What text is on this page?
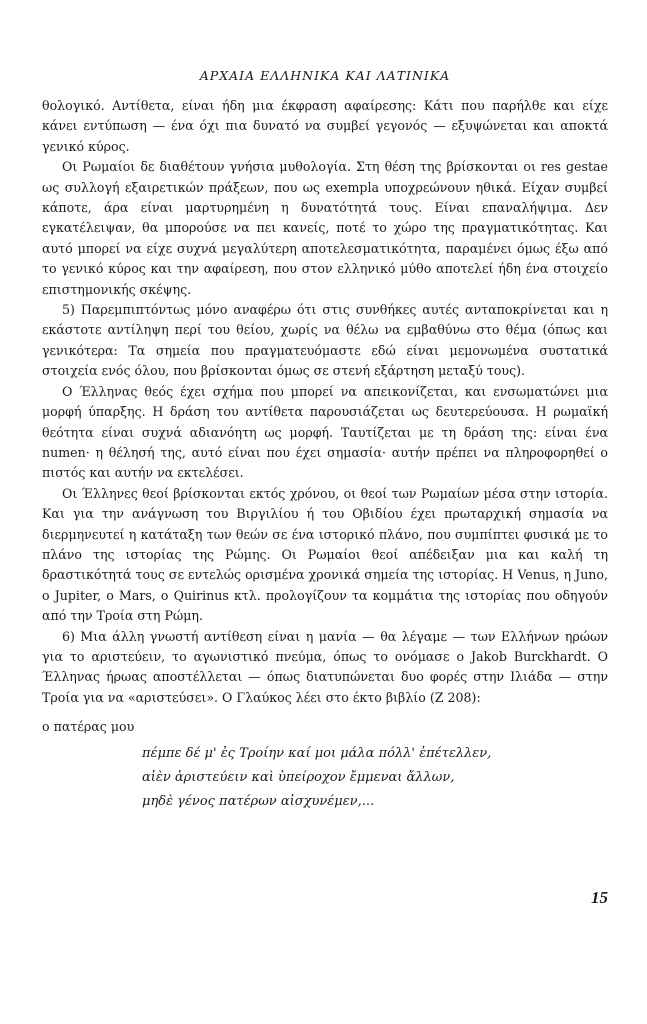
ΑΡΧΑΙΑ ΕΛΛΗΝΙΚΑ ΚΑΙ ΛΑΤΙΝΙΚΑ

θολογικό. Αντίθετα, είναι ήδη μια έκφραση αφαίρεσης: Κάτι που παρήλθε και είχε κάνει εντύπωση — ένα όχι πια δυνατό να συμβεί γεγονός — εξυψώνεται και αποκτά γενικό κύρος.

Οι Ρωμαίοι δε διαθέτουν γνήσια μυθολογία. Στη θέση της βρίσκονται οι res gestae ως συλλογή εξαιρετικών πράξεων, που ως exempla υποχρεώνουν ηθικά. Είχαν συμβεί κάποτε, άρα είναι μαρτυρημένη η δυνατότητά τους. Είναι επαναλήψιμα. Δεν εγκατέλειψαν, θα μπορούσε να πει κανείς, ποτέ το χώρο της πραγματικότητας. Και αυτό μπορεί να είχε συχνά μεγαλύτερη αποτελεσματικότητα, παραμένει όμως έξω από το γενικό κύρος και την αφαίρεση, που στον ελληνικό μύθο αποτελεί ήδη ένα στοιχείο επιστημονικής σκέψης.

5) Παρεμπιπτόντως μόνο αναφέρω ότι στις συνθήκες αυτές ανταποκρίνεται και η εκάστοτε αντίληψη περί του θείου, χωρίς να θέλω να εμβαθύνω στο θέμα (όπως και γενικότερα: Τα σημεία που πραγματευόμαστε εδώ είναι μεμονωμένα συστατικά στοιχεία ενός όλου, που βρίσκονται όμως σε στενή εξάρτηση μεταξύ τους).

Ο Έλληνας θεός έχει σχήμα που μπορεί να απεικονίζεται, και ενσωματώνει μια μορφή ύπαρξης. Η δράση του αντίθετα παρουσιάζεται ως δευτερεύουσα. Η ρωμαϊκή θεότητα είναι συχνά αδιανόητη ως μορφή. Ταυτίζεται με τη δράση της: είναι ένα numen· η θέλησή της, αυτό είναι που έχει σημασία· αυτήν πρέπει να πληροφορηθεί ο πιστός και αυτήν να εκτελέσει.

Οι Έλληνες θεοί βρίσκονται εκτός χρόνου, οι θεοί των Ρωμαίων μέσα στην ιστορία. Και για την ανάγνωση του Βιργιλίου ή του Οβιδίου έχει πρωταρχική σημασία να διερμηνευτεί η κατάταξη των θεών σε ένα ιστορικό πλάνο, που συμπίπτει φυσικά με το πλάνο της ιστορίας της Ρώμης. Οι Ρωμαίοι θεοί απέδειξαν μια και καλή τη δραστικότητά τους σε εντελώς ορισμένα χρονικά σημεία της ιστορίας. Η Venus, η Juno, ο Jupiter, ο Mars, ο Quirinus κτλ. προλογίζουν τα κομμάτια της ιστορίας που οδηγούν από την Τροία στη Ρώμη.

6) Μια άλλη γνωστή αντίθεση είναι η μανία — θα λέγαμε — των Ελλήνων ηρώων για το αριστεύειν, το αγωνιστικό πνεύμα, όπως το ονόμασε ο Jakob Burckhardt. Ο Έλληνας ήρωας αποστέλλεται — όπως διατυπώνεται δυο φορές στην Ιλιάδα — στην Τροία για να «αριστεύσει». Ο Γλαύκος λέει στο έκτο βιβλίο (Ζ 208):

ο πατέρας μου

πέμπε δέ μ' ἐς Τροίην καί μοι μάλα πόλλ' ἐπέτελλεν,
αἰὲν ἀριστεύειν καὶ ὑπείροχον ἔμμεναι ἄλλων,
μηδὲ γένος πατέρων αἰσχυνέμεν,...
15
